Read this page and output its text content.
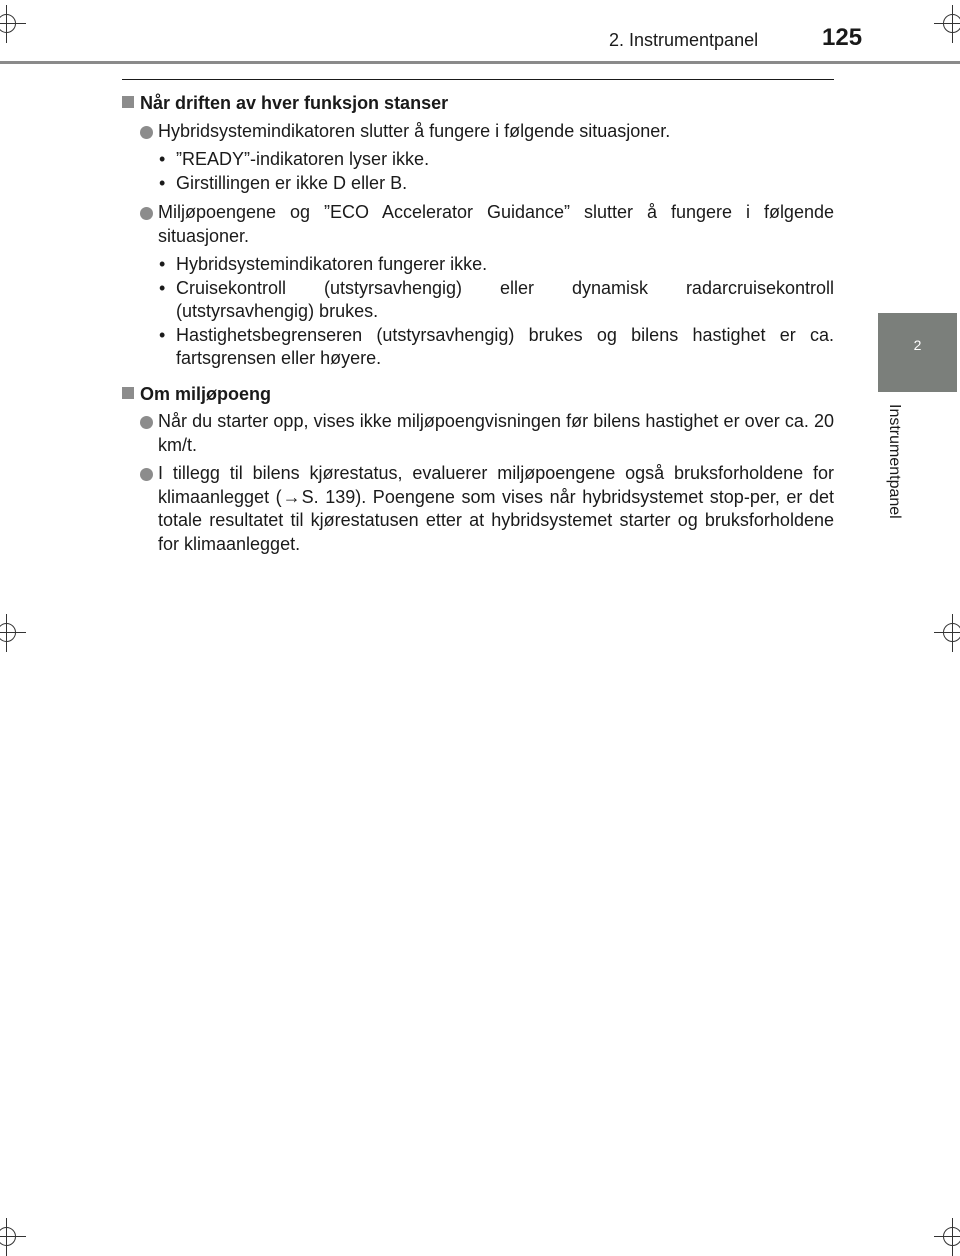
2. Instrumentpanel	125
2
Instrumentpanel
Når driften av hver funksjon stanser
Hybridsystemindikatoren slutter å fungere i følgende situasjoner.
• ”READY”-indikatoren lyser ikke.
• Girstillingen er ikke D eller B.
Miljøpoengene og ”ECO Accelerator Guidance” slutter å fungere i følgende situasjoner.
• Hybridsystemindikatoren fungerer ikke.
• Cruisekontroll (utstyrsavhengig) eller dynamisk radarcruisekontroll (utstyrsavhengig) brukes.
• Hastighetsbegrenseren (utstyrsavhengig) brukes og bilens hastighet er ca. fartsgrensen eller høyere.
Om miljøpoeng
Når du starter opp, vises ikke miljøpoengvisningen før bilens hastighet er over ca. 20 km/t.
I tillegg til bilens kjørestatus, evaluerer miljøpoengene også bruksforholdene for klimaanlegget (→S. 139). Poengene som vises når hybridsystemet stop-per, er det totale resultatet til kjørestatusen etter at hybridsystemet starter og bruksforholdene for klimaanlegget.
